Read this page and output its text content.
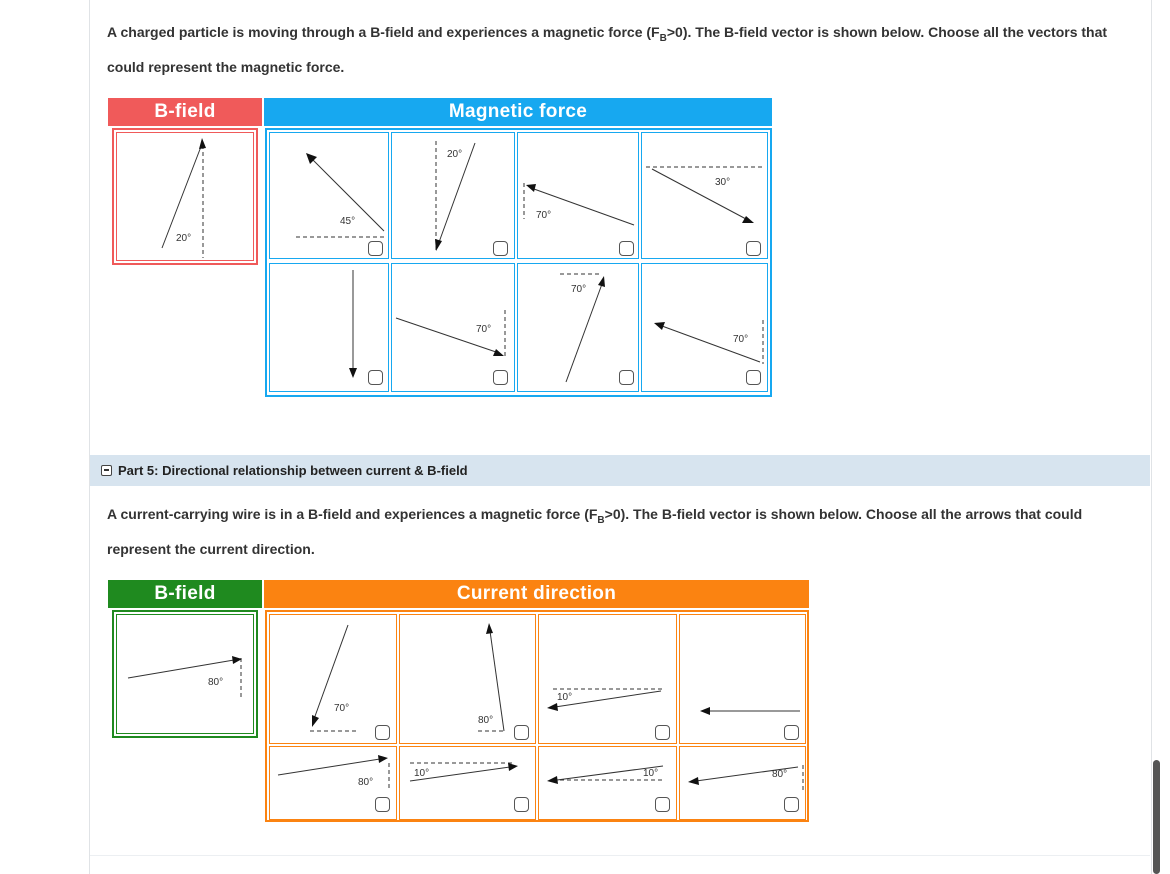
A charged particle is moving through a B-field and experiences a magnetic force $(F_B>0)$. The B-field vector is shown below. Choose all the vectors that could represent the magnetic force.
B-field	Magnetic force
20°
45°
20°
70°
30°
70°
70°
70°
Part 5: Directional relationship between current & B-field
A current-carrying wire is in a B-field and experiences a magnetic force $(F_B>0)$. The B-field vector is shown below. Choose all the arrows that could represent the current direction.
B-field	Current direction
80°
70°
80°
10°
80°
10°	10°	80°
